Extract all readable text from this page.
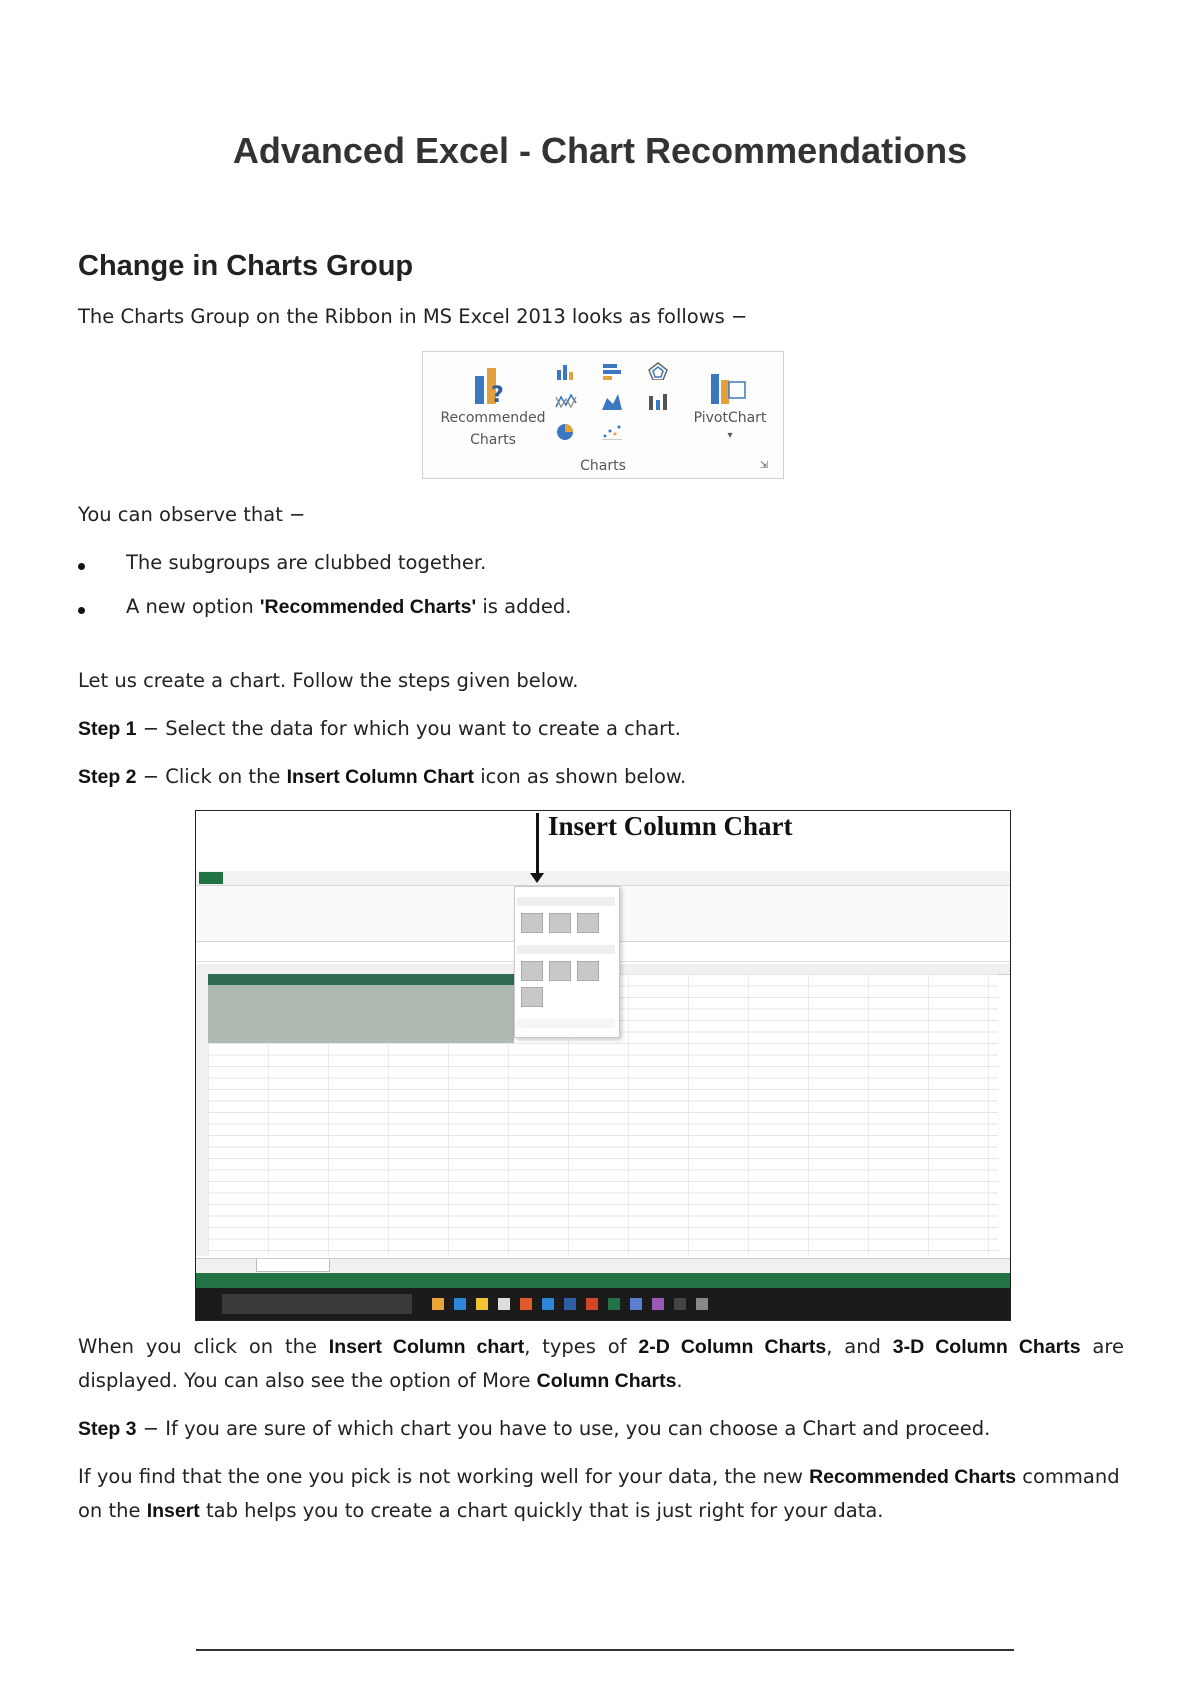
Advanced Excel - Chart Recommendations
Change in Charts Group

The Charts Group on the Ribbon in MS Excel 2013 looks as follows −

?
Recommended
Charts
PivotChart
▾
Charts	⇲

You can observe that −

The subgroups are clubbed together.

A new option 'Recommended Charts' is added.

Let us create a chart. Follow the steps given below.

Step 1 − Select the data for which you want to create a chart.

Step 2 − Click on the Insert Column Chart icon as shown below.

Insert Column Chart

When you click on the Insert Column chart, types of 2-D Column Charts, and 3-D Column Charts are displayed. You can also see the option of More Column Charts.

Step 3 − If you are sure of which chart you have to use, you can choose a Chart and proceed.

If you find that the one you pick is not working well for your data, the new Recommended Charts command on the Insert tab helps you to create a chart quickly that is just right for your data.
